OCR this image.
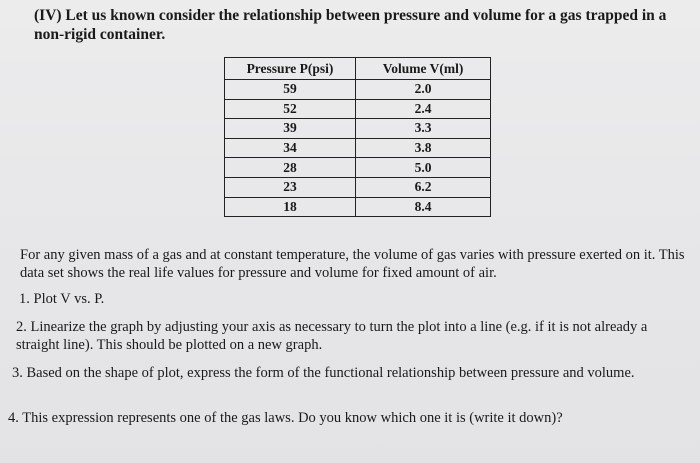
(IV) Let us known consider the relationship between pressure and volume for a gas trapped in a non-rigid container.
Pressure P(psi)	Volume V(ml)
59	2.0
52	2.4
39	3.3
34	3.8
28	5.0
23	6.2
18	8.4
For any given mass of a gas and at constant temperature, the volume of gas varies with pressure exerted on it. This data set shows the real life values for pressure and volume for fixed amount of air.
1. Plot V vs. P.
2. Linearize the graph by adjusting your axis as necessary to turn the plot into a line (e.g. if it is not already a straight line). This should be plotted on a new graph.
3. Based on the shape of plot, express the form of the functional relationship between pressure and volume.
4. This expression represents one of the gas laws. Do you know which one it is (write it down)?
